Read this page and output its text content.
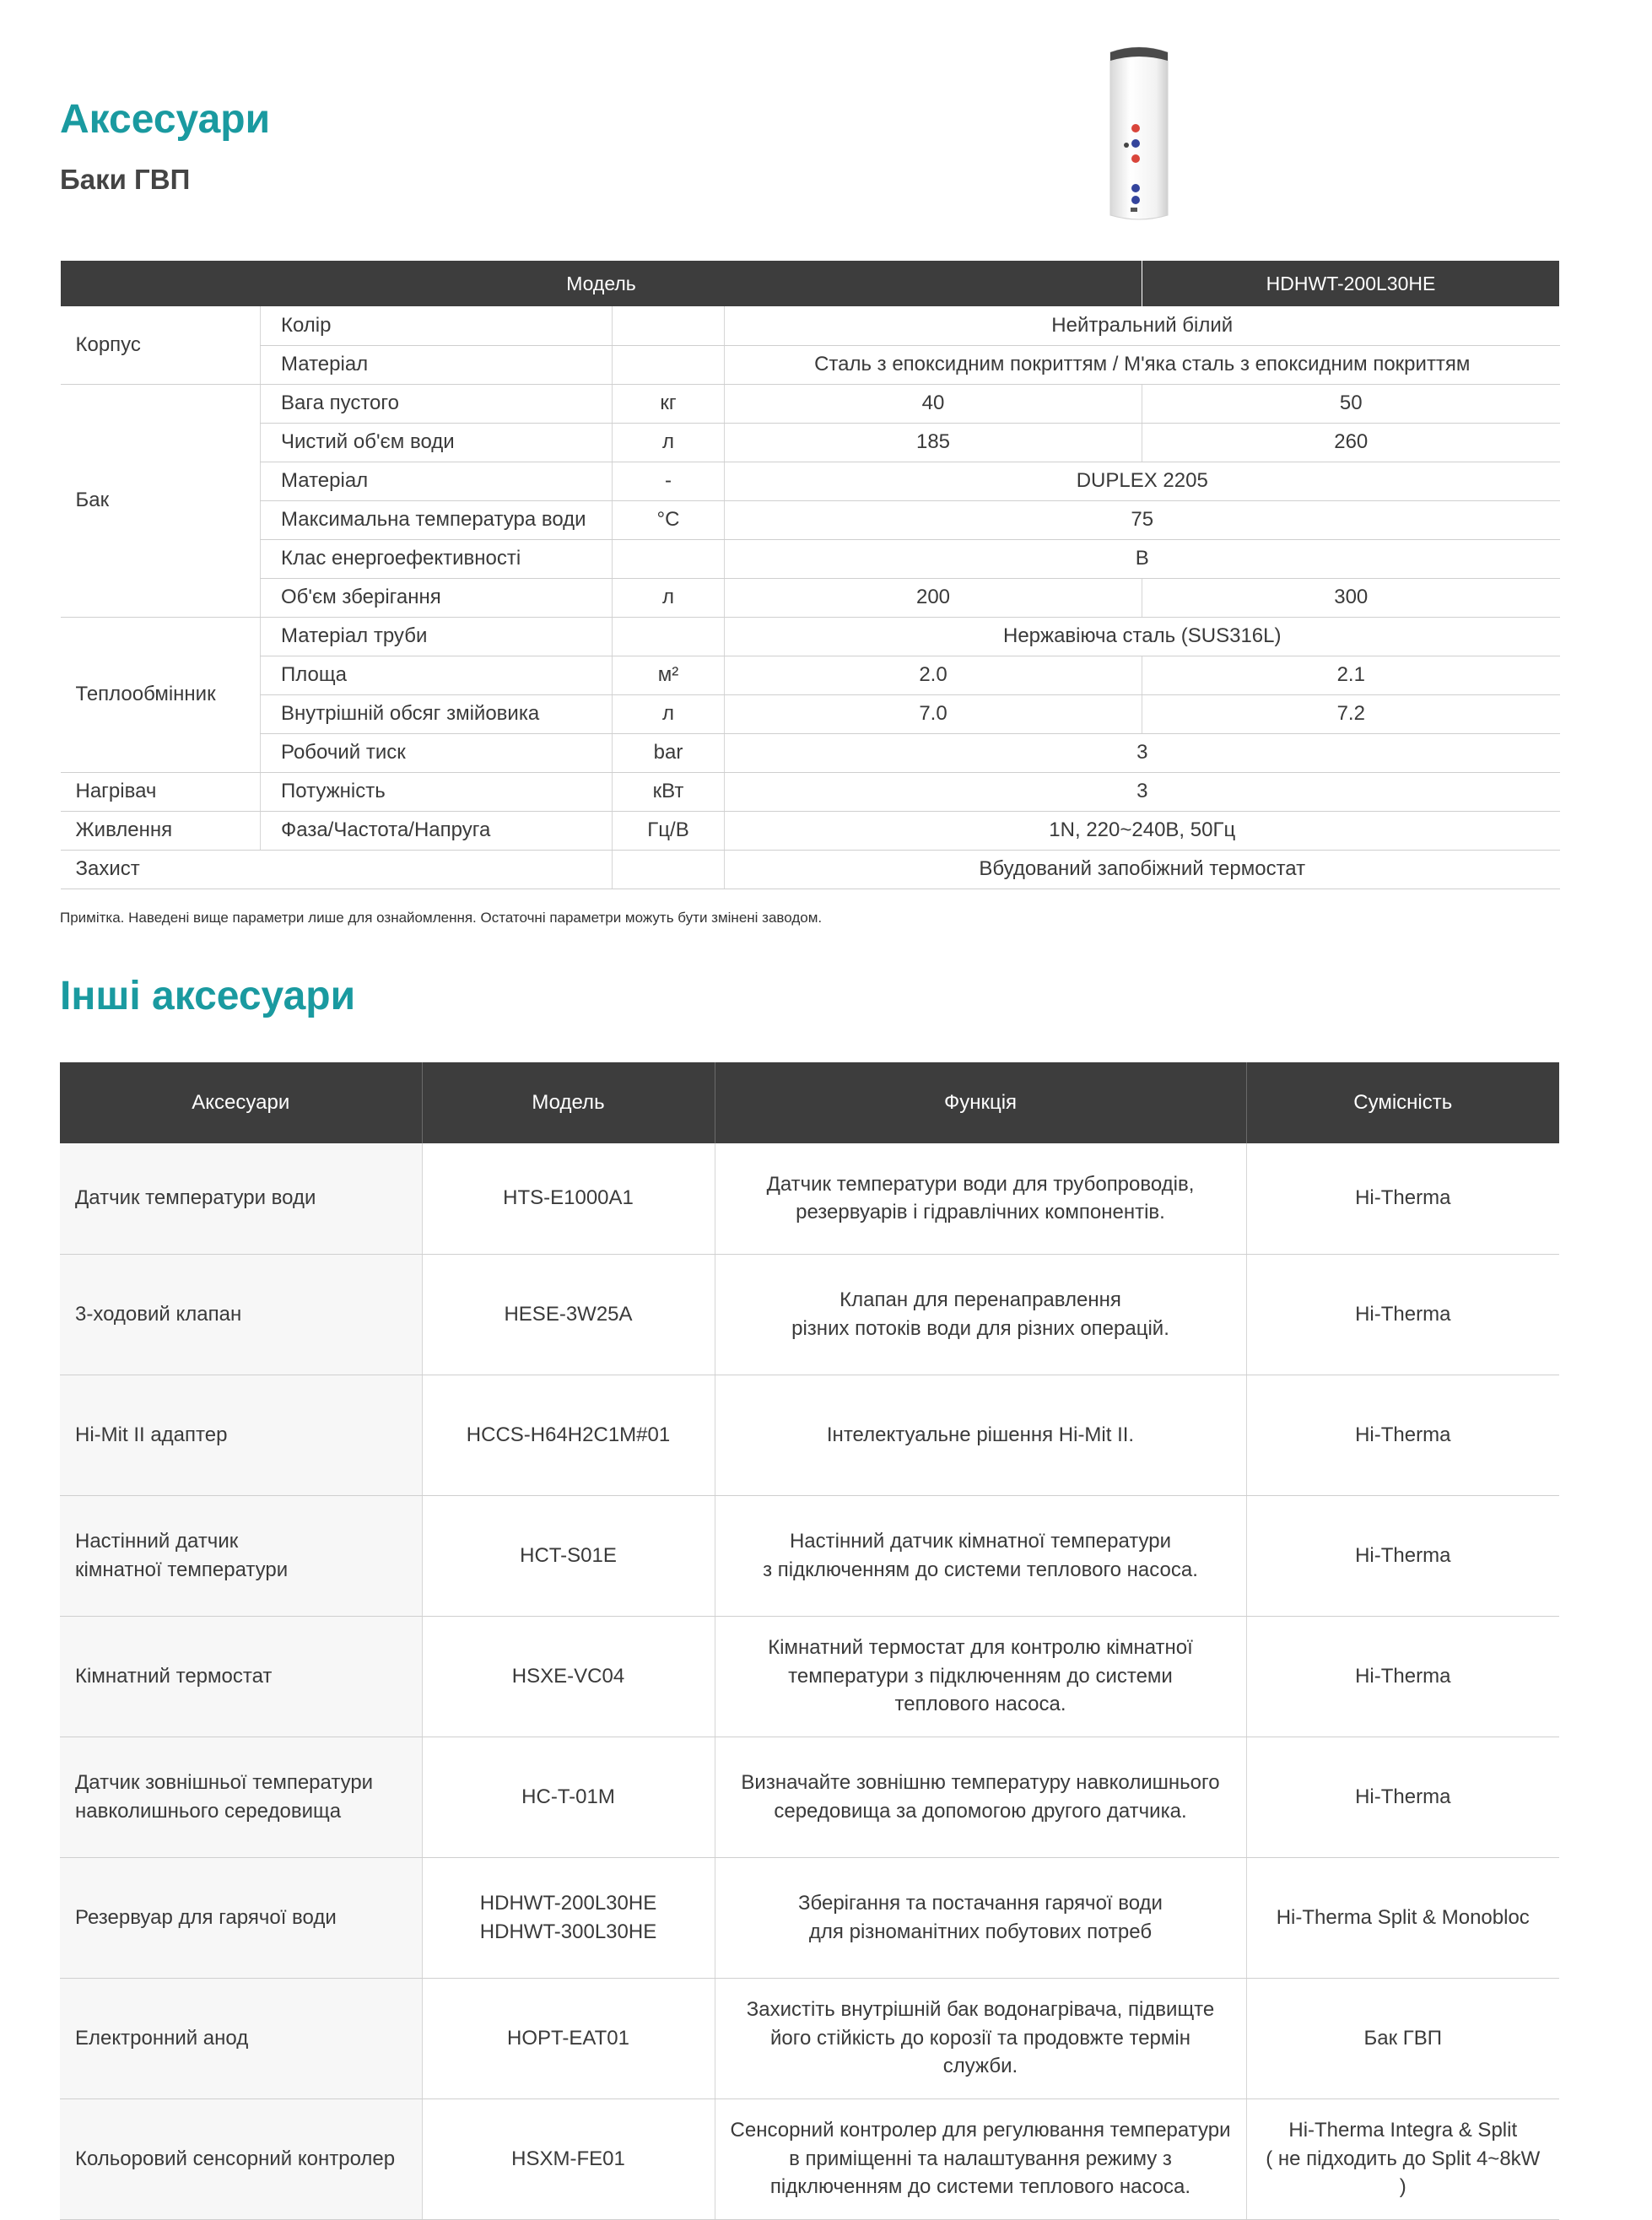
Аксесуари
Баки ГВП
Модель				HDHWT-200L30HE	HDHWT-300L30HE
Корпус	Колір		Нейтральний білий		
	Матеріал		Сталь з епоксидним покриттям / М'яка сталь з епоксидним покриттям		
Бак	Вага пустого	кг	40	50	
	Чистий об'єм води	л	185	260	
	Матеріал	-	DUPLEX 2205		
	Максимальна температура води	°C	75		
	Клас енергоефективності		B		
	Об'єм зберігання	л	200	300	
Теплообмінник	Матеріал труби		Нержавіюча сталь (SUS316L)		
	Площа	м²	2.0	2.1	
	Внутрішній обсяг змійовика	л	7.0	7.2	
	Робочий тиск	bar	3		
Нагрівач	Потужність	кВт	3		
Живлення	Фаза/Частота/Напруга	Гц/В	1N, 220~240В, 50Гц		
Захист			Вбудований запобіжний термостат		

Примітка. Наведені вище параметри лише для ознайомлення. Остаточні параметри можуть бути змінені заводом.

Інші аксесуари
Аксесуари	Модель	Функція	Сумісність

Датчик температури води	HTS-E1000A1	Датчик температури води для трубопроводів,
резервуарів і гідравлічних компонентів.	Hi-Therma

3-ходовий клапан	HESE-3W25A	Клапан для перенаправлення
різних потоків води для різних операцій.	Hi-Therma

Hi-Mit II адаптер	HCCS-H64H2C1M#01	Інтелектуальне рішення Hi-Mit II.	Hi-Therma

Настінний датчик
кімнатної температури	HCT-S01E	Настінний датчик кімнатної температури
з підключенням до системи теплового насоса.	Hi-Therma

Кімнатний термостат	HSXE-VC04	Кімнатний термостат для контролю кімнатної
температури з підключенням до системи
теплового насоса.	Hi-Therma

Датчик зовнішньої температури
навколишнього середовища	HC-T-01M	Визначайте зовнішню температуру навколишнього
середовища за допомогою другого датчика.	Hi-Therma

Резервуар для гарячої води	HDHWT-200L30HE
HDHWT-300L30HE	Зберігання та постачання гарячої води
для різноманітних побутових потреб	Hi-Therma Split & Monobloc

Електронний анод	HOPT-EAT01	Захистіть внутрішній бак водонагрівача, підвищте
його стійкість до корозії та продовжте термін служби.	Бак ГВП

Кольоровий сенсорний контролер	HSXM-FE01	Сенсорний контролер для регулювання температури
в приміщенні та налаштування режиму з
підключенням до системи теплового насоса.	Hi-Therma Integra & Split
( не підходить до Split 4~8kW )
